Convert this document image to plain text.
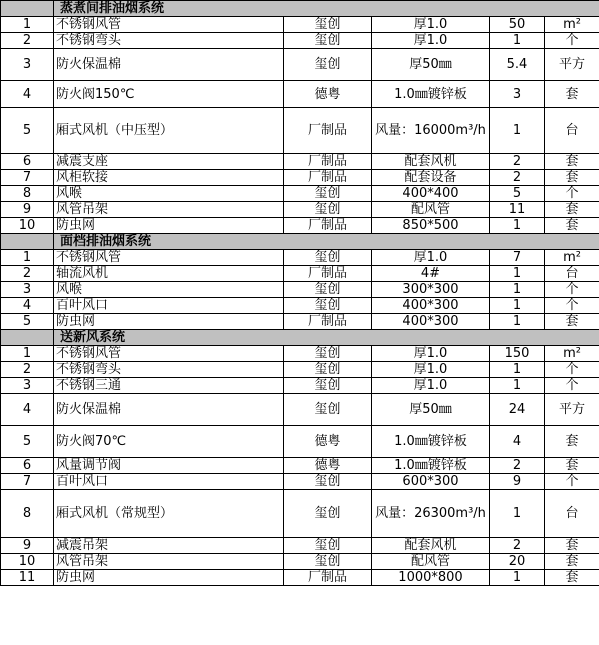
	蒸煮间排油烟系统				
1	不锈钢风管	玺创	厚1.0	50	m²
2	不锈钢弯头	玺创	厚1.0	1	个
3	防火保温棉	玺创	厚50㎜	5.4	平方
4	防火阀150℃	德粤	1.0㎜镀锌板	3	套
5	厢式风机（中压型）	厂制品	风量：16000m³/h	1	台
6	减震支座	厂制品	配套风机	2	套
7	风柜软接	厂制品	配套设备	2	套
8	风喉	玺创	400*400	5	个
9	风管吊架	玺创	配风管	11	套
10	防虫网	厂制品	850*500	1	套
	面档排油烟系统				
1	不锈钢风管	玺创	厚1.0	7	m²
2	轴流风机	厂制品	4#	1	台
3	风喉	玺创	300*300	1	个
4	百叶风口	玺创	400*300	1	个
5	防虫网	厂制品	400*300	1	套
	送新风系统				
1	不锈钢风管	玺创	厚1.0	150	m²
2	不锈钢弯头	玺创	厚1.0	1	个
3	不锈钢三通	玺创	厚1.0	1	个
4	防火保温棉	玺创	厚50㎜	24	平方
5	防火阀70℃	德粤	1.0㎜镀锌板	4	套
6	风量调节阀	德粤	1.0㎜镀锌板	2	套
7	百叶风口	玺创	600*300	9	个
8	厢式风机（常规型）	玺创	风量：26300m³/h	1	台
9	减震吊架	玺创	配套风机	2	套
10	风管吊架	玺创	配风管	20	套
11	防虫网	厂制品	1000*800	1	套
